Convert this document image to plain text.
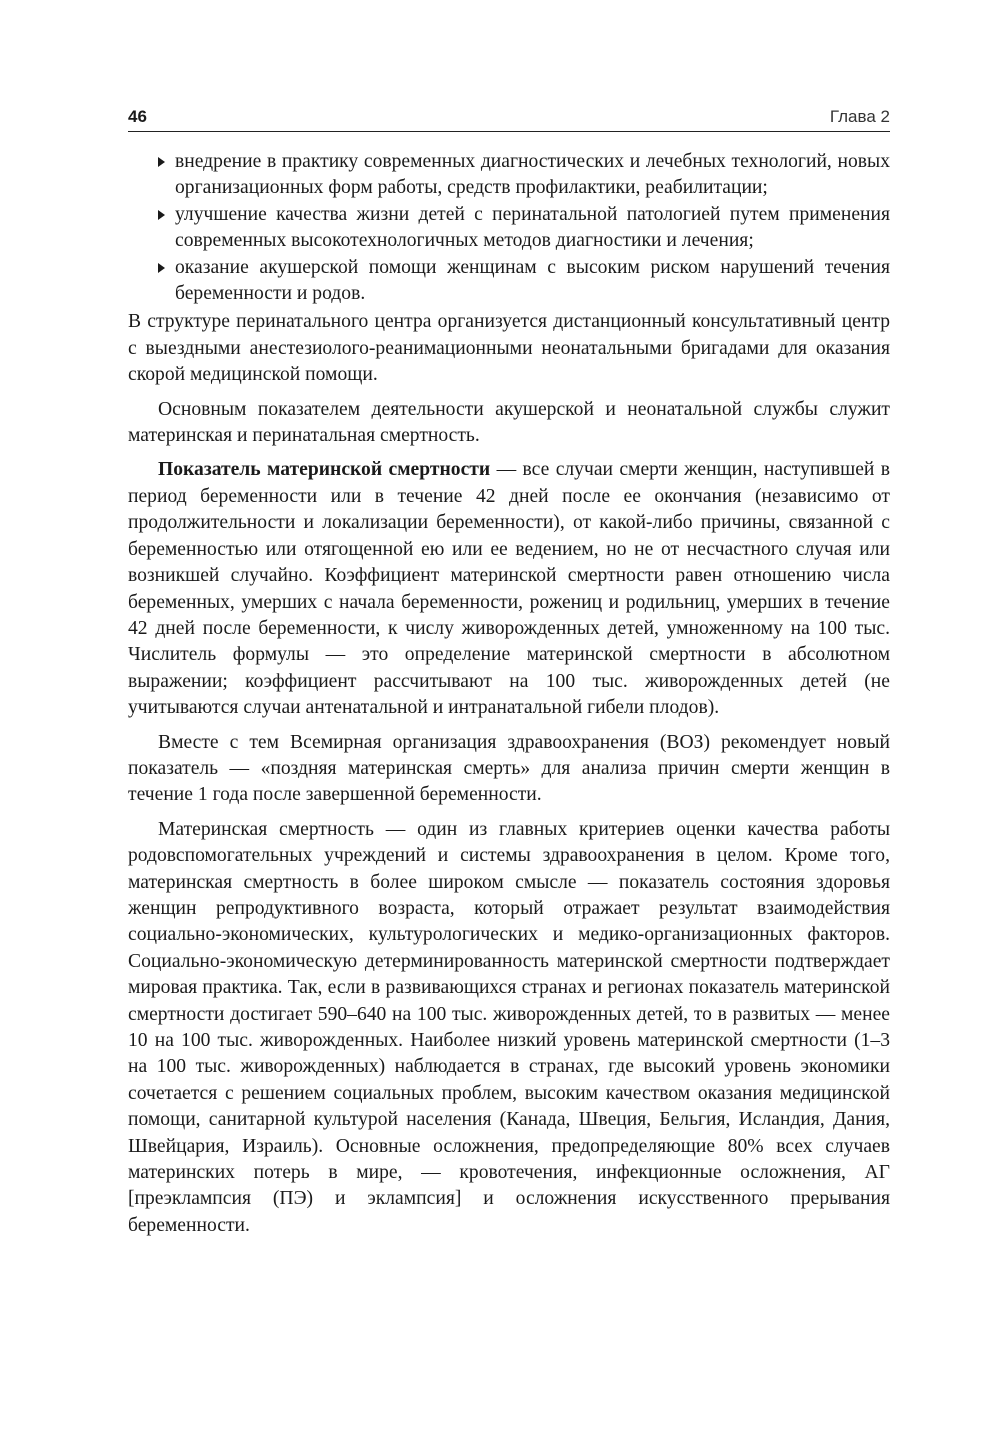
46	Глава 2
внедрение в практику современных диагностических и лечебных технологий, новых организационных форм работы, средств профилактики, реабилитации;
улучшение качества жизни детей с перинатальной патологией путем применения современных высокотехнологичных методов диагностики и лечения;
оказание акушерской помощи женщинам с высоким риском нарушений течения беременности и родов.

В структуре перинатального центра организуется дистанционный консультативный центр с выездными анестезиолого-реанимационными неонатальными бригадами для оказания скорой медицинской помощи.

Основным показателем деятельности акушерской и неонатальной службы служит материнская и перинатальная смертность.

Показатель материнской смертности — все случаи смерти женщин, наступившей в период беременности или в течение 42 дней после ее окончания (независимо от продолжительности и локализации беременности), от какой-либо причины, связанной с беременностью или отягощенной ею или ее ведением, но не от несчастного случая или возникшей случайно. Коэффициент материнской смертности равен отношению числа беременных, умерших с начала беременности, рожениц и родильниц, умерших в течение 42 дней после беременности, к числу живорожденных детей, умноженному на 100 тыс. Числитель формулы — это определение материнской смертности в абсолютном выражении; коэффициент рассчитывают на 100 тыс. живорожденных детей (не учитываются случаи антенатальной и интранатальной гибели плодов).

Вместе с тем Всемирная организация здравоохранения (ВОЗ) рекомендует новый показатель — «поздняя материнская смерть» для анализа причин смерти женщин в течение 1 года после завершенной беременности.

Материнская смертность — один из главных критериев оценки качества работы родовспомогательных учреждений и системы здравоохранения в целом. Кроме того, материнская смертность в более широком смысле — показатель состояния здоровья женщин репродуктивного возраста, который отражает результат взаимодействия социально-экономических, культурологических и медико-организационных факторов. Социально-экономическую детерминированность материнской смертности подтверждает мировая практика. Так, если в развивающихся странах и регионах показатель материнской смертности достигает 590–640 на 100 тыс. живорожденных детей, то в развитых — менее 10 на 100 тыс. живорожденных. Наиболее низкий уровень материнской смертности (1–3 на 100 тыс. живорожденных) наблюдается в странах, где высокий уровень экономики сочетается с решением социальных проблем, высоким качеством оказания медицинской помощи, санитарной культурой населения (Канада, Швеция, Бельгия, Исландия, Дания, Швейцария, Израиль). Основные осложнения, предопределяющие 80% всех случаев материнских потерь в мире, — кровотечения, инфекционные осложнения, АГ [преэклампсия (ПЭ) и эклампсия] и осложнения искусственного прерывания беременности.
